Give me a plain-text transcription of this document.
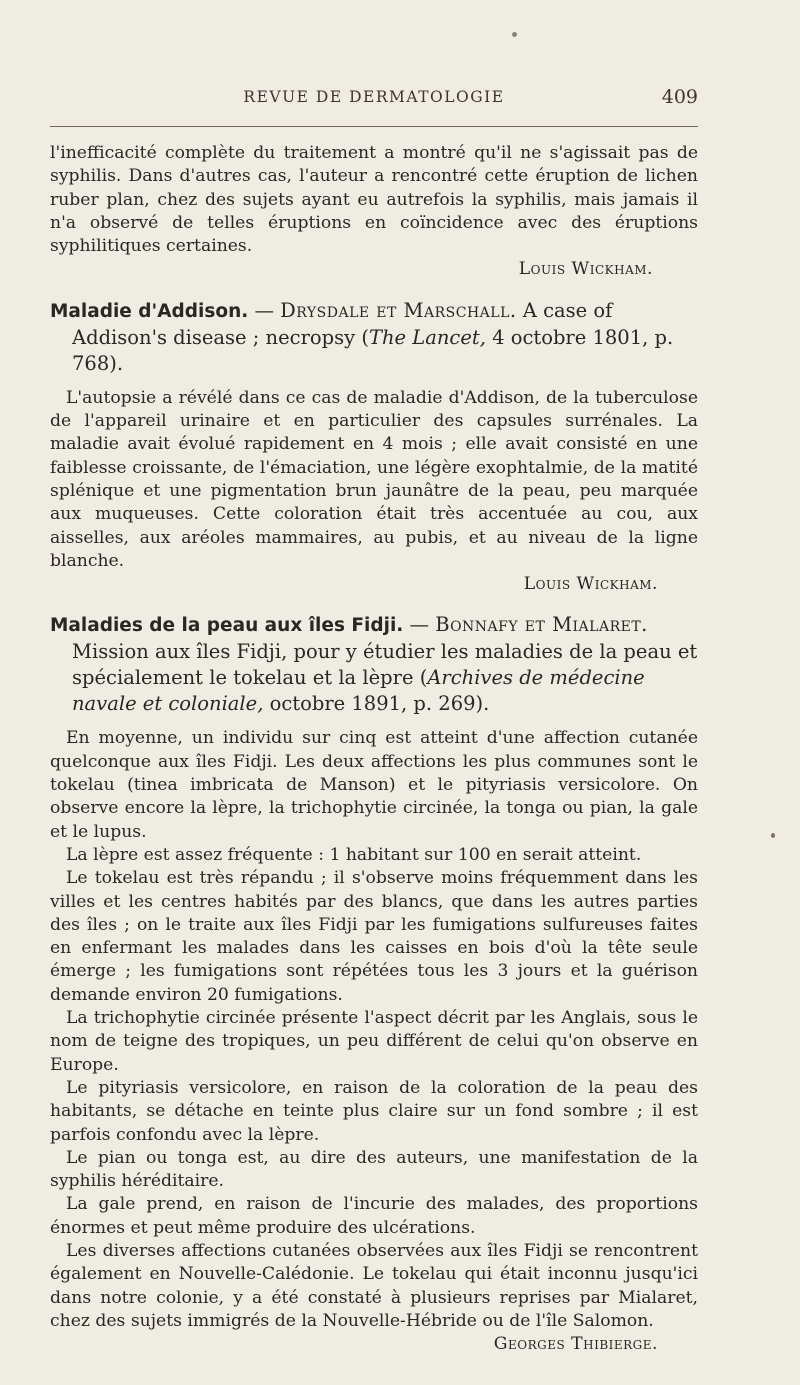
REVUE DE DERMATOLOGIE	409

l'inefficacité complète du traitement a montré qu'il ne s'agissait pas de syphilis. Dans d'autres cas, l'auteur a rencontré cette éruption de lichen ruber plan, chez des sujets ayant eu autrefois la syphilis, mais jamais il n'a observé de telles éruptions en coïncidence avec des éruptions syphilitiques certaines.

Louis Wickham.

Maladie d'Addison. — Drysdale et Marschall. A case of Addison's disease ; necropsy (The Lancet, 4 octobre 1801, p. 768).

L'autopsie a révélé dans ce cas de maladie d'Addison, de la tuberculose de l'appareil urinaire et en particulier des capsules surrénales. La maladie avait évolué rapidement en 4 mois ; elle avait consisté en une faiblesse croissante, de l'émaciation, une légère exophtalmie, de la matité splénique et une pigmentation brun jaunâtre de la peau, peu marquée aux muqueuses. Cette coloration était très accentuée au cou, aux aisselles, aux aréoles mammaires, au pubis, et au niveau de la ligne blanche.

Louis Wickham.

Maladies de la peau aux îles Fidji. — Bonnafy et Mialaret. Mission aux îles Fidji, pour y étudier les maladies de la peau et spécialement le tokelau et la lèpre (Archives de médecine navale et coloniale, octobre 1891, p. 269).

En moyenne, un individu sur cinq est atteint d'une affection cutanée quelconque aux îles Fidji. Les deux affections les plus communes sont le tokelau (tinea imbricata de Manson) et le pityriasis versicolore. On observe encore la lèpre, la trichophytie circinée, la tonga ou pian, la gale et le lupus.

La lèpre est assez fréquente : 1 habitant sur 100 en serait atteint.

Le tokelau est très répandu ; il s'observe moins fréquemment dans les villes et les centres habités par des blancs, que dans les autres parties des îles ; on le traite aux îles Fidji par les fumigations sulfureuses faites en enfermant les malades dans les caisses en bois d'où la tête seule émerge ; les fumigations sont répétées tous les 3 jours et la guérison demande environ 20 fumigations.

La trichophytie circinée présente l'aspect décrit par les Anglais, sous le nom de teigne des tropiques, un peu différent de celui qu'on observe en Europe.

Le pityriasis versicolore, en raison de la coloration de la peau des habitants, se détache en teinte plus claire sur un fond sombre ; il est parfois confondu avec la lèpre.

Le pian ou tonga est, au dire des auteurs, une manifestation de la syphilis héréditaire.

La gale prend, en raison de l'incurie des malades, des proportions énormes et peut même produire des ulcérations.

Les diverses affections cutanées observées aux îles Fidji se rencontrent également en Nouvelle-Calédonie. Le tokelau qui était inconnu jusqu'ici dans notre colonie, y a été constaté à plusieurs reprises par Mialaret, chez des sujets immigrés de la Nouvelle-Hébride ou de l'île Salomon.

Georges Thibierge.
